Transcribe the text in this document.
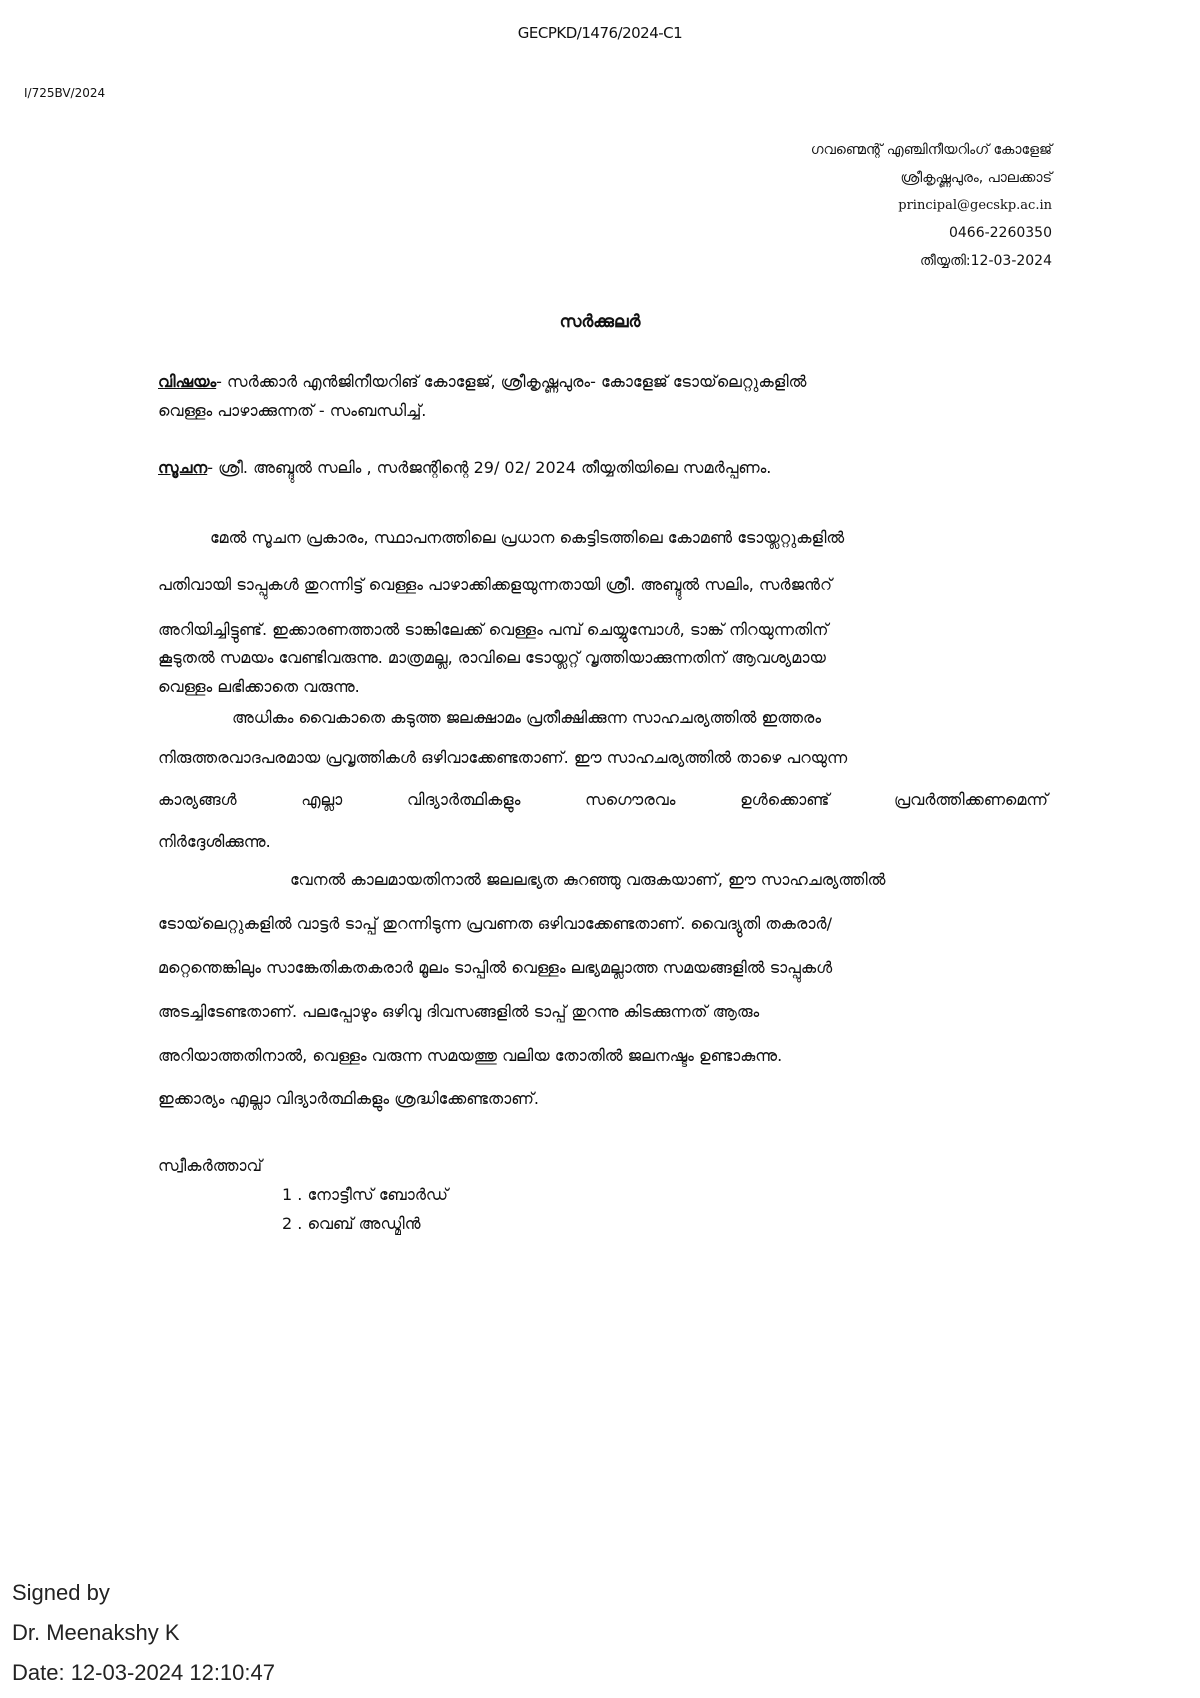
GECPKD/1476/2024-C1
I/725BV/2024
ഗവണ്മെന്റ് എഞ്ചിനീയറിംഗ് കോളേജ്
ശ്രീകൃഷ്ണപുരം, പാലക്കാട്
principal@gecskp.ac.in
0466-2260350
തീയ്യതി:12-03-2024
സർക്കുലർ
വിഷയം- സർക്കാർ എൻജിനീയറിങ് കോളേജ്, ശ്രീകൃഷ്ണപുരം- കോളേജ് ടോയ്‌ലെറ്റുകളിൽ
വെള്ളം പാഴാക്കുന്നത് - സംബന്ധിച്ച്.
സൂചന- ശ്രീ. അബ്ദുൽ സലിം , സർജന്റിന്റെ 29/ 02/ 2024 തീയ്യതിയിലെ സമർപ്പണം.
മേൽ സൂചന പ്രകാരം, സ്ഥാപനത്തിലെ പ്രധാന കെട്ടിടത്തിലെ കോമൺ ടോയ്ലറ്റുകളിൽ
പതിവായി ടാപ്പുകൾ തുറന്നിട്ട് വെള്ളം പാഴാക്കിക്കളയുന്നതായി ശ്രീ. അബ്ദുൽ സലിം, സർജൻറ്
അറിയിച്ചിട്ടുണ്ട്. ഇക്കാരണത്താൽ ടാങ്കിലേക്ക് വെള്ളം പമ്പ് ചെയ്യുമ്പോൾ, ടാങ്ക് നിറയുന്നതിന്
കൂടുതൽ സമയം വേണ്ടിവരുന്നു. മാത്രമല്ല, രാവിലെ ടോയ്ലറ്റ് വൃത്തിയാക്കുന്നതിന് ആവശ്യമായ
വെള്ളം ലഭിക്കാതെ വരുന്നു.
അധികം വൈകാതെ കടുത്ത ജലക്ഷാമം പ്രതീക്ഷിക്കുന്ന സാഹചര്യത്തിൽ ഇത്തരം
നിരുത്തരവാദപരമായ പ്രവൃത്തികൾ ഒഴിവാക്കേണ്ടതാണ്. ഈ സാഹചര്യത്തിൽ താഴെ പറയുന്ന
കാര്യങ്ങൾ എല്ലാ വിദ്യാർത്ഥികളും സഗൌരവം ഉൾക്കൊണ്ട് പ്രവർത്തിക്കണമെന്ന്
നിർദ്ദേശിക്കുന്നു.
വേനൽ കാലമായതിനാൽ ജലലഭ്യത കുറഞ്ഞു വരുകയാണ്, ഈ സാഹചര്യത്തിൽ
ടോയ്‌ലെറ്റുകളിൽ വാട്ടർ ടാപ്പ് തുറന്നിടുന്ന പ്രവണത ഒഴിവാക്കേണ്ടതാണ്. വൈദ്യുതി തകരാർ/
മറ്റെന്തെങ്കിലും സാങ്കേതികതകരാർ മൂലം ടാപ്പിൽ വെള്ളം ലഭ്യമല്ലാത്ത സമയങ്ങളിൽ ടാപ്പുകൾ
അടച്ചിടേണ്ടതാണ്. പലപ്പോഴും ഒഴിവു ദിവസങ്ങളിൽ ടാപ്പ് തുറന്നു കിടക്കുന്നത് ആരും
അറിയാത്തതിനാൽ, വെള്ളം വരുന്ന സമയത്തു വലിയ തോതിൽ ജലനഷ്ടം ഉണ്ടാകുന്നു.
ഇക്കാര്യം എല്ലാ വിദ്യാർത്ഥികളും ശ്രദ്ധിക്കേണ്ടതാണ്.
സ്വീകർത്താവ്
1 . നോട്ടീസ് ബോർഡ്
2 . വെബ് അഡ്മിൻ
Signed by
Dr. Meenakshy K
Date: 12-03-2024 12:10:47
